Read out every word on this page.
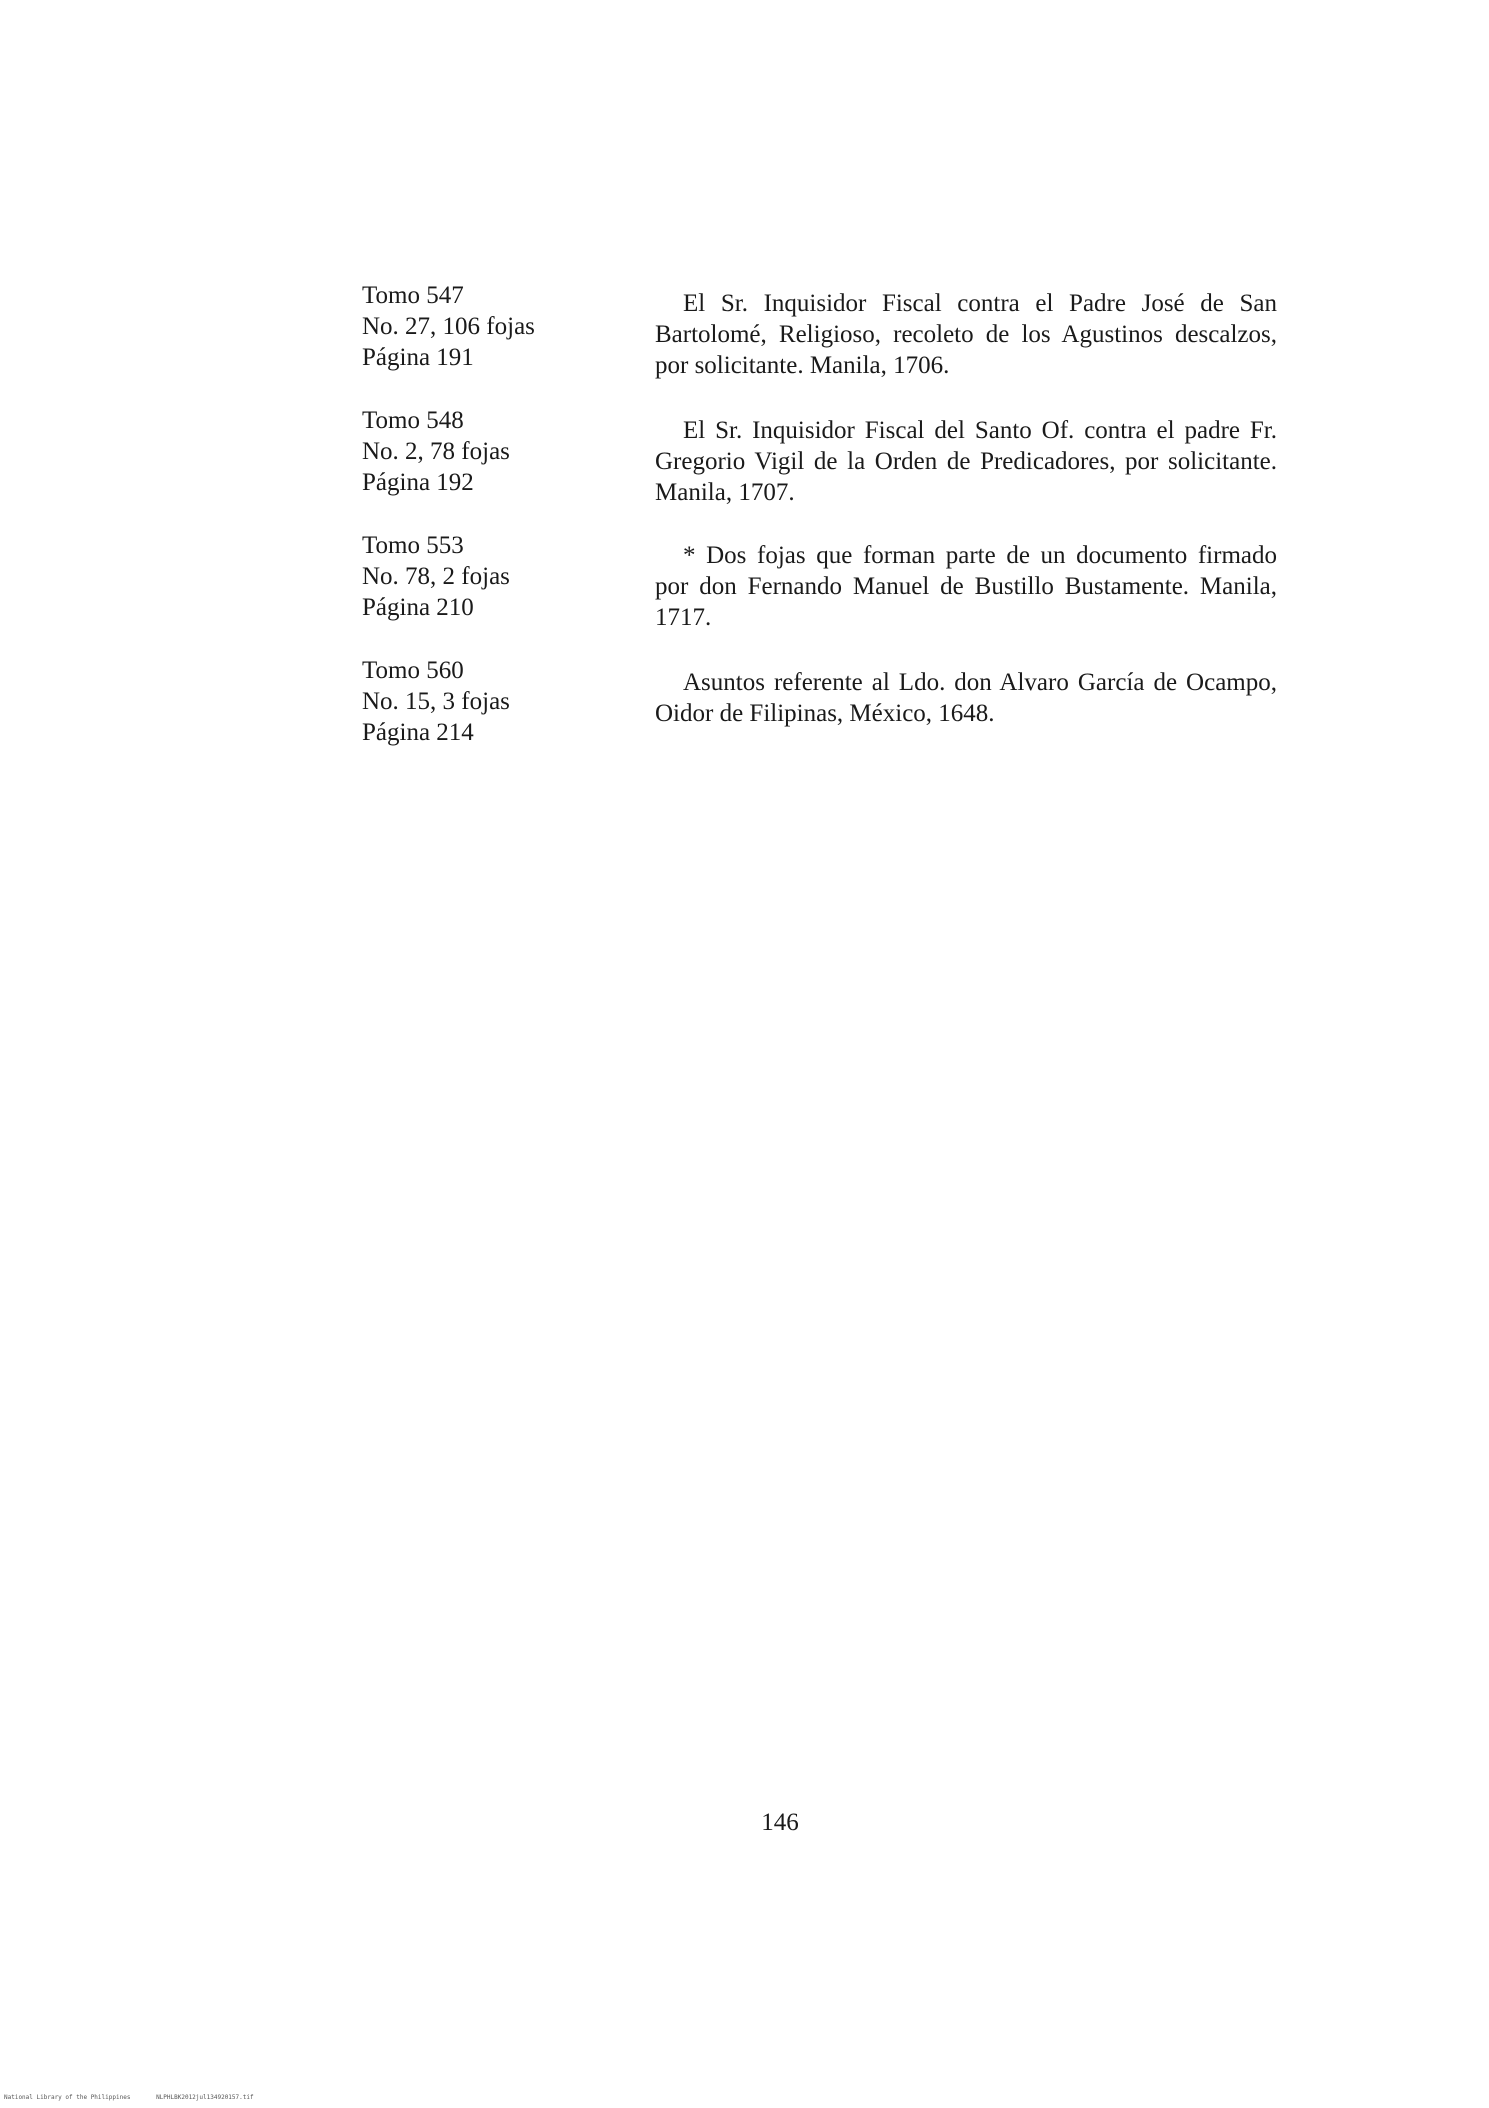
Tomo 547
No. 27, 106 fojas
Página 191
El Sr. Inquisidor Fiscal contra el Padre José de San Bartolomé, Religioso, recoleto de los Agustinos descalzos, por solicitante. Manila, 1706.
Tomo 548
No. 2, 78 fojas
Página 192
El Sr. Inquisidor Fiscal del Santo Of. contra el padre Fr. Gregorio Vigil de la Orden de Predicadores, por solicitante. Manila, 1707.
Tomo 553
No. 78, 2 fojas
Página 210
* Dos fojas que forman parte de un documento firmado por don Fernando Manuel de Bustillo Bustamente. Manila, 1717.
Tomo 560
No. 15, 3 fojas
Página 214
Asuntos referente al Ldo. don Alvaro García de Ocampo, Oidor de Filipinas, México, 1648.
146
National Library of the Philippines	NLPHLBK2012jul134920157.tif
